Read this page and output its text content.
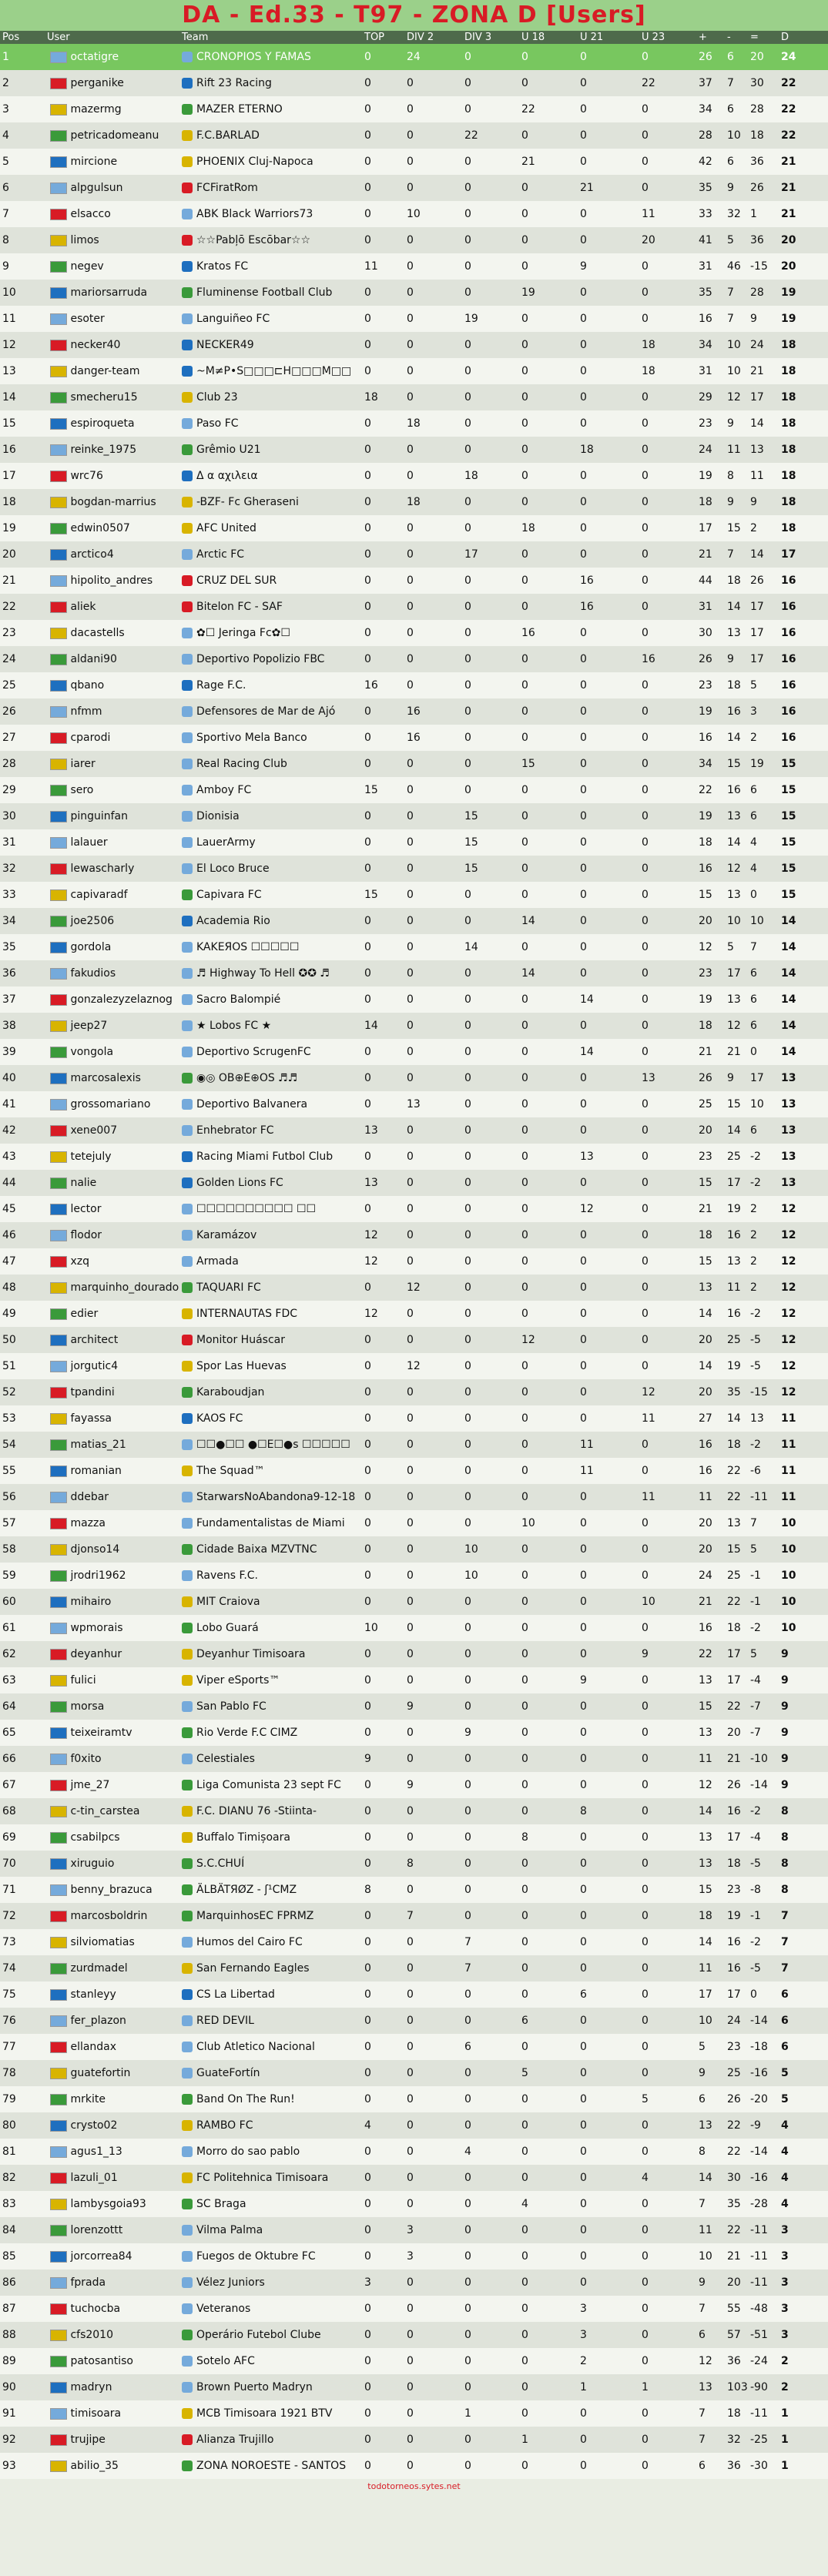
DA - Ed.33 - T97 - ZONA D [Users]
Pos	User	Team	TOP	DIV 2	DIV 3	U 18	U 21	U 23	+	-	=	D
1	octatigre	CRONOPIOS Y FAMAS	0	24	0	0	0	0	26	6	20	24
2	perganike	Rift 23 Racing	0	0	0	0	0	22	37	7	30	22
3	mazermg	MAZER ETERNO	0	0	0	22	0	0	34	6	28	22
4	petricadomeanu	F.C.BARLAD	0	0	22	0	0	0	28	10	18	22
5	mircione	PHOENIX Cluj-Napoca	0	0	0	21	0	0	42	6	36	21
6	alpgulsun	FCFiratRom	0	0	0	0	21	0	35	9	26	21
7	elsacco	ABK Black Warriors73	0	10	0	0	0	11	33	32	1	21
8	limos	☆☆Pabļō Escōbar☆☆	0	0	0	0	0	20	41	5	36	20
9	negev	Kratos FC	11	0	0	0	9	0	31	46	-15	20
10	mariorsarruda	Fluminense Football Club	0	0	0	19	0	0	35	7	28	19
11	esoter	Languiñeo FC	0	0	19	0	0	0	16	7	9	19
12	necker40	NECKER49	0	0	0	0	0	18	34	10	24	18
13	danger-team	~M≠P•S□□□⊏H□□□M□□	0	0	0	0	0	18	31	10	21	18
14	smecheru15	Club 23	18	0	0	0	0	0	29	12	17	18
15	espiroqueta	Paso FC	0	18	0	0	0	0	23	9	14	18
16	reinke_1975	Grêmio U21	0	0	0	0	18	0	24	11	13	18
17	wrc76	Δ α αχιλεια	0	0	18	0	0	0	19	8	11	18
18	bogdan-marrius	-BZF- Fc Gheraseni	0	18	0	0	0	0	18	9	9	18
19	edwin0507	AFC United	0	0	0	18	0	0	17	15	2	18
20	arctico4	Arctic FC	0	0	17	0	0	0	21	7	14	17
21	hipolito_andres	CRUZ DEL SUR	0	0	0	0	16	0	44	18	26	16
22	aliek	Bitelon FC - SAF	0	0	0	0	16	0	31	14	17	16
23	dacastells	✿☐ Jeringa Fc✿☐	0	0	0	16	0	0	30	13	17	16
24	aldani90	Deportivo Popolizio FBC	0	0	0	0	0	16	26	9	17	16
25	qbano	Rage F.C.	16	0	0	0	0	0	23	18	5	16
26	nfmm	Defensores de Mar de Ajó	0	16	0	0	0	0	19	16	3	16
27	cparodi	Sportivo Mela Banco	0	16	0	0	0	0	16	14	2	16
28	iarer	Real Racing Club	0	0	0	15	0	0	34	15	19	15
29	sero	Amboy FC	15	0	0	0	0	0	22	16	6	15
30	pinguinfan	Dionisia	0	0	15	0	0	0	19	13	6	15
31	lalauer	LauerArmy	0	0	15	0	0	0	18	14	4	15
32	lewascharly	El Loco Bruce	0	0	15	0	0	0	16	12	4	15
33	capivaradf	Capivara FC	15	0	0	0	0	0	15	13	0	15
34	joe2506	Academia Rio	0	0	0	14	0	0	20	10	10	14
35	gordola	KAKEЯOS ☐☐☐☐☐	0	0	14	0	0	0	12	5	7	14
36	fakudios	♬ Highway To Hell ✪✪ ♬	0	0	0	14	0	0	23	17	6	14
37	gonzalezyzelaznog	Sacro Balompié	0	0	0	0	14	0	19	13	6	14
38	jeep27	★ Lobos FC ★	14	0	0	0	0	0	18	12	6	14
39	vongola	Deportivo ScrugenFC	0	0	0	0	14	0	21	21	0	14
40	marcosalexis	◉◎ OB⊕E⊕OS ♬♬	0	0	0	0	0	13	26	9	17	13
41	grossomariano	Deportivo Balvanera	0	13	0	0	0	0	25	15	10	13
42	xene007	Enhebrator FC	13	0	0	0	0	0	20	14	6	13
43	tetejuly	Racing Miami Futbol Club	0	0	0	0	13	0	23	25	-2	13
44	nalie	Golden Lions FC	13	0	0	0	0	0	15	17	-2	13
45	lector	☐☐☐☐☐☐☐☐☐☐ ☐☐	0	0	0	0	12	0	21	19	2	12
46	flodor	Karamázov	12	0	0	0	0	0	18	16	2	12
47	xzq	Armada	12	0	0	0	0	0	15	13	2	12
48	marquinho_dourado	TAQUARI FC	0	12	0	0	0	0	13	11	2	12
49	edier	INTERNAUTAS FDC	12	0	0	0	0	0	14	16	-2	12
50	architect	Monitor Huáscar	0	0	0	12	0	0	20	25	-5	12
51	jorgutic4	Spor Las Huevas	0	12	0	0	0	0	14	19	-5	12
52	tpandini	Karaboudjan	0	0	0	0	0	12	20	35	-15	12
53	fayassa	KAOS FC	0	0	0	0	0	11	27	14	13	11
54	matias_21	☐☐●☐☐ ●☐E☐●s ☐☐☐☐☐	0	0	0	0	11	0	16	18	-2	11
55	romanian	The Squad™	0	0	0	0	11	0	16	22	-6	11
56	ddebar	StarwarsNoAbandona9-12-18	0	0	0	0	0	11	11	22	-11	11
57	mazza	Fundamentalistas de Miami	0	0	0	10	0	0	20	13	7	10
58	djonso14	Cidade Baixa MZVTNC	0	0	10	0	0	0	20	15	5	10
59	jrodri1962	Ravens F.C.	0	0	10	0	0	0	24	25	-1	10
60	mihairo	MIT Craiova	0	0	0	0	0	10	21	22	-1	10
61	wpmorais	Lobo Guará	10	0	0	0	0	0	16	18	-2	10
62	deyanhur	Deyanhur Timisoara	0	0	0	0	0	9	22	17	5	9
63	fulici	Viper eSports™	0	0	0	0	9	0	13	17	-4	9
64	morsa	San Pablo FC	0	9	0	0	0	0	15	22	-7	9
65	teixeiramtv	Rio Verde F.C CIMZ	0	0	9	0	0	0	13	20	-7	9
66	f0xito	Celestiales	9	0	0	0	0	0	11	21	-10	9
67	jme_27	Liga Comunista 23 sept FC	0	9	0	0	0	0	12	26	-14	9
68	c-tin_carstea	F.C. DIANU 76 -Stiinta-	0	0	0	0	8	0	14	16	-2	8
69	csabilpcs	Buffalo Timișoara	0	0	0	8	0	0	13	17	-4	8
70	xiruguio	S.C.CHUÍ	0	8	0	0	0	0	13	18	-5	8
71	benny_brazuca	ÄLBÄTЯØZ - ʃ¹CMZ	8	0	0	0	0	0	15	23	-8	8
72	marcosboldrin	MarquinhosEC FPRMZ	0	7	0	0	0	0	18	19	-1	7
73	silviomatias	Humos del Cairo FC	0	0	7	0	0	0	14	16	-2	7
74	zurdmadel	San Fernando Eagles	0	0	7	0	0	0	11	16	-5	7
75	stanleyy	CS La Libertad	0	0	0	0	6	0	17	17	0	6
76	fer_plazon	RED DEVIL	0	0	0	6	0	0	10	24	-14	6
77	ellandax	Club Atletico Nacional	0	0	6	0	0	0	5	23	-18	6
78	guatefortin	GuateFortín	0	0	0	5	0	0	9	25	-16	5
79	mrkite	Band On The Run!	0	0	0	0	0	5	6	26	-20	5
80	crysto02	RAMBO FC	4	0	0	0	0	0	13	22	-9	4
81	agus1_13	Morro do sao pablo	0	0	4	0	0	0	8	22	-14	4
82	lazuli_01	FC Politehnica Timisoara	0	0	0	0	0	4	14	30	-16	4
83	lambysgoia93	SC Braga	0	0	0	4	0	0	7	35	-28	4
84	lorenzottt	Vilma Palma	0	3	0	0	0	0	11	22	-11	3
85	jorcorrea84	Fuegos de Oktubre FC	0	3	0	0	0	0	10	21	-11	3
86	fprada	Vélez Juniors	3	0	0	0	0	0	9	20	-11	3
87	tuchocba	Veteranos	0	0	0	0	3	0	7	55	-48	3
88	cfs2010	Operário Futebol Clube	0	0	0	0	3	0	6	57	-51	3
89	patosantiso	Sotelo AFC	0	0	0	0	2	0	12	36	-24	2
90	madryn	Brown Puerto Madryn	0	0	0	0	1	1	13	103	-90	2
91	timisoara	MCB Timisoara 1921 BTV	0	0	1	0	0	0	7	18	-11	1
92	trujipe	Alianza Trujillo	0	0	0	1	0	0	7	32	-25	1
93	abilio_35	ZONA NOROESTE - SANTOS	0	0	0	0	0	0	6	36	-30	1
todotorneos.sytes.net
